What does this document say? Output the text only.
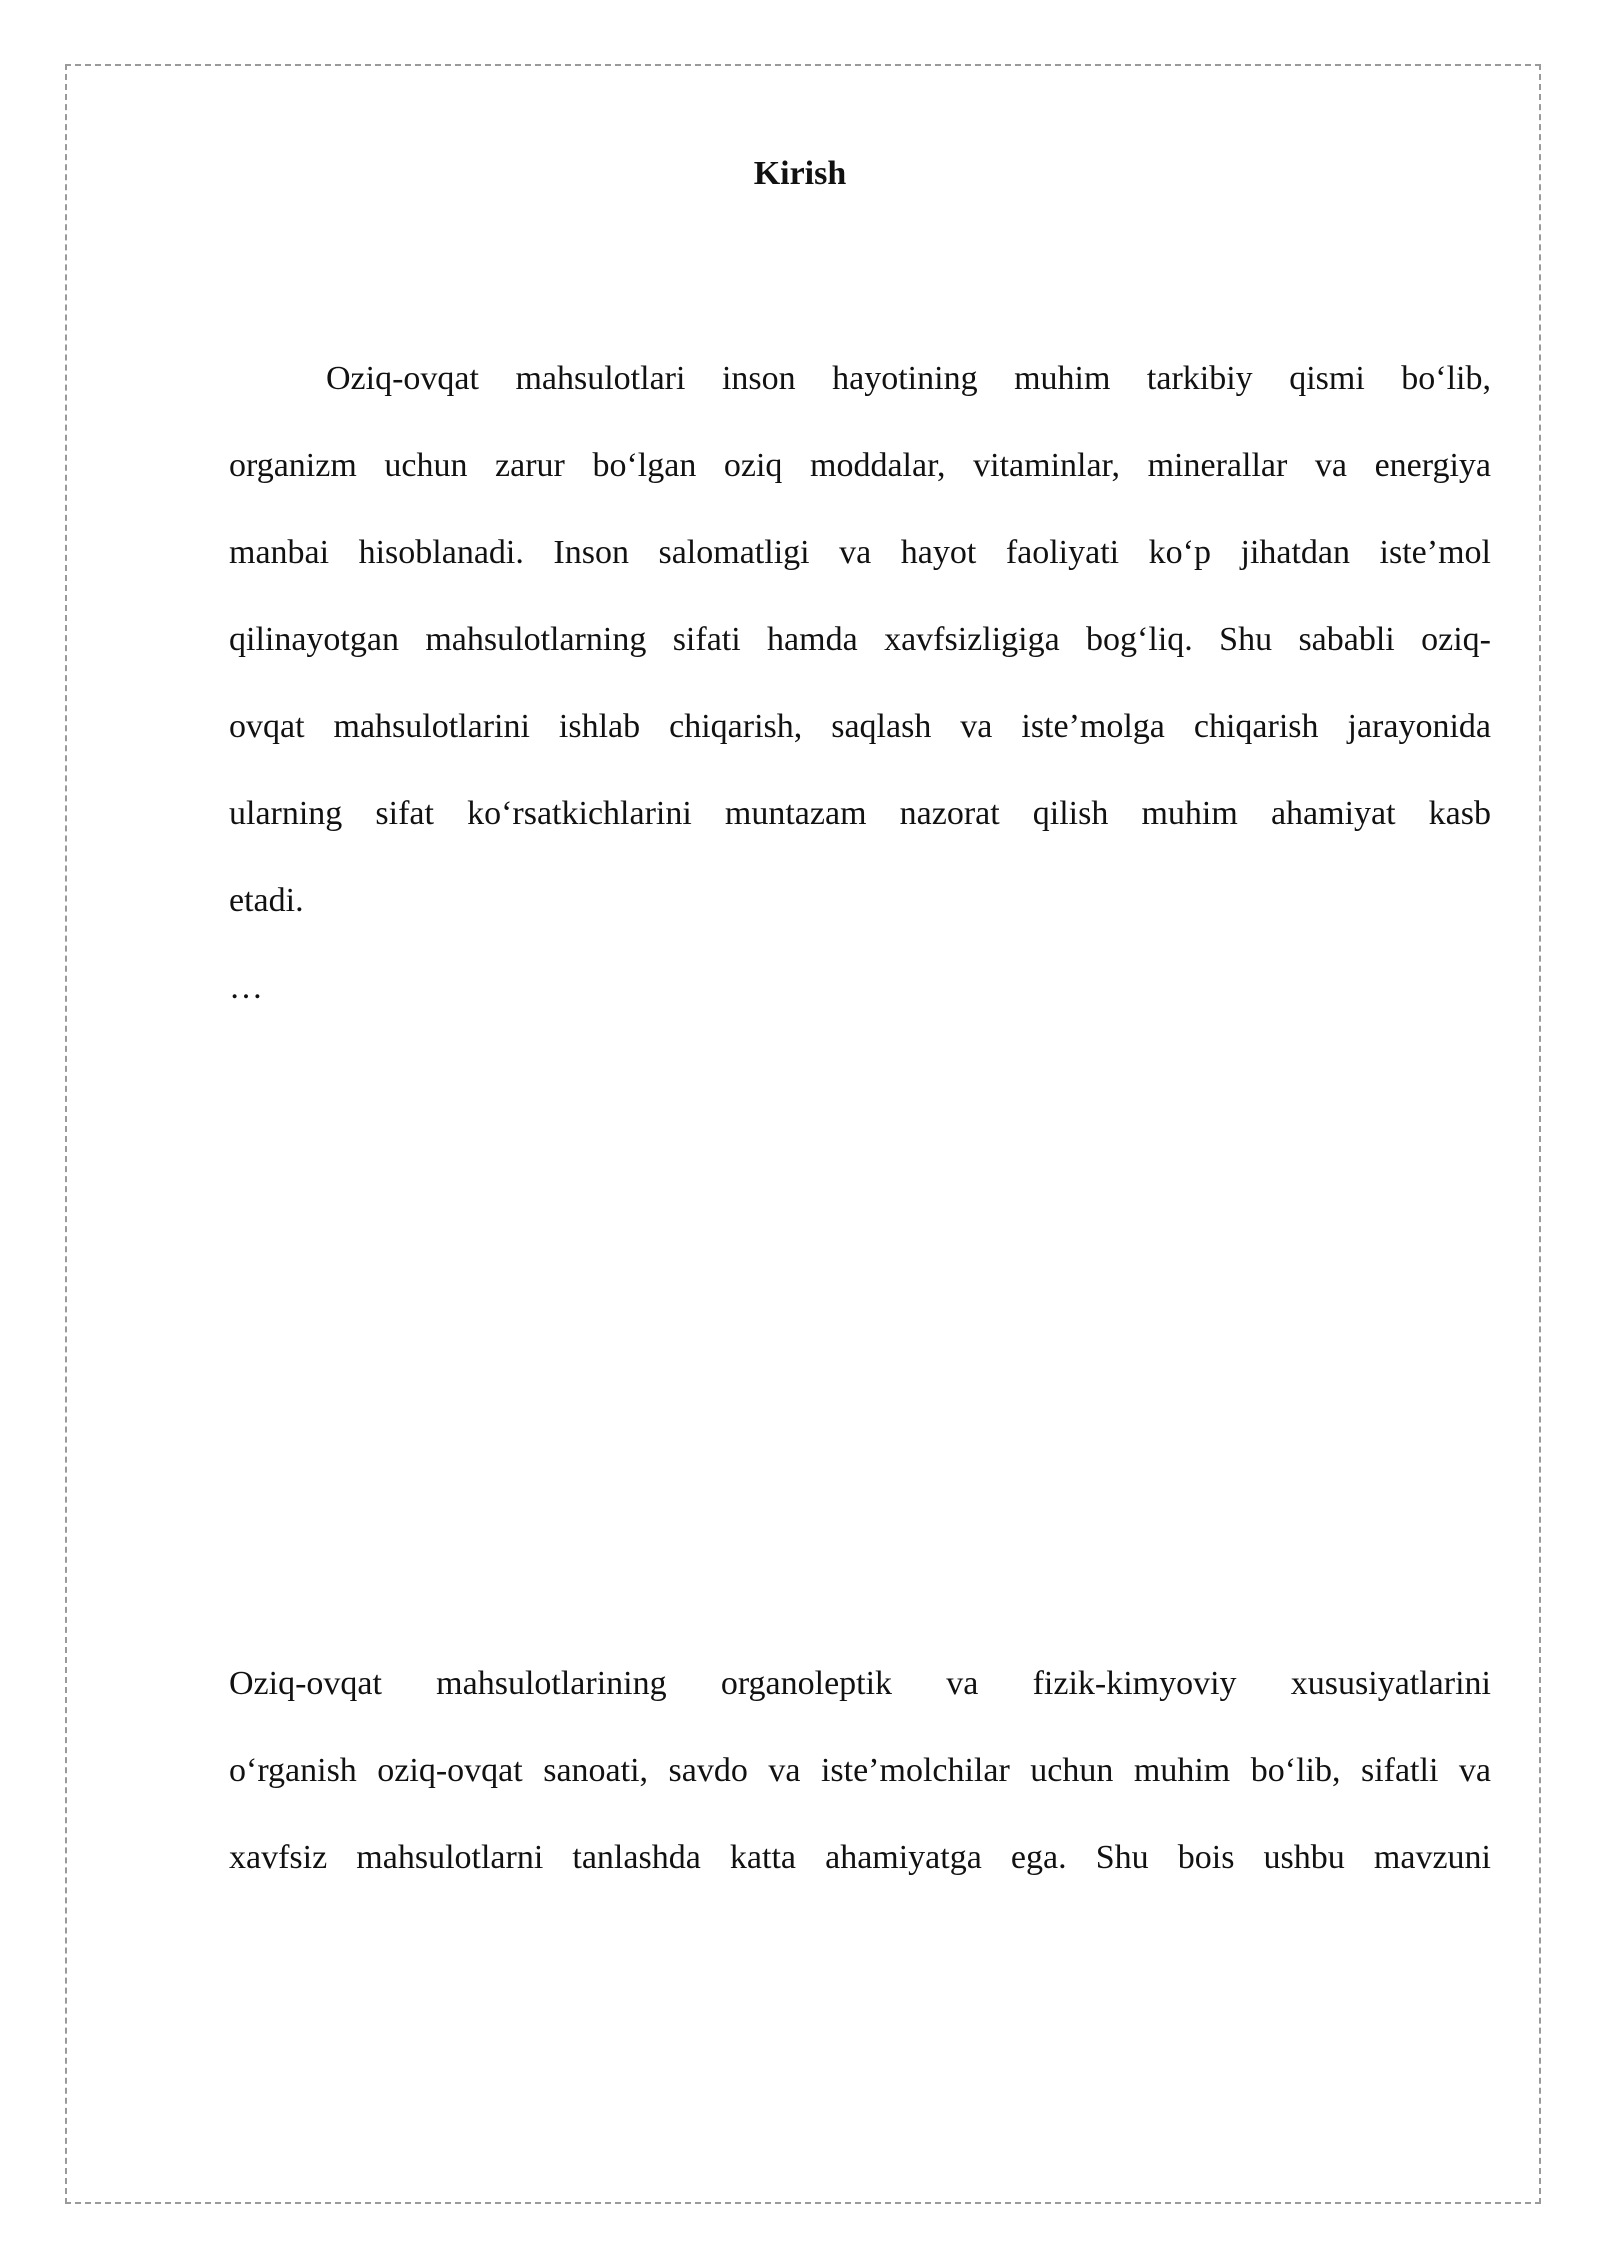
Kirish
Oziq-ovqat mahsulotlari inson hayotining muhim tarkibiy qismi bo‘lib,
organizm uchun zarur bo‘lgan oziq moddalar, vitaminlar, minerallar va energiya
manbai hisoblanadi. Inson salomatligi va hayot faoliyati ko‘p jihatdan iste’mol
qilinayotgan mahsulotlarning sifati hamda xavfsizligiga bog‘liq. Shu sababli oziq-
ovqat mahsulotlarini ishlab chiqarish, saqlash va iste’molga chiqarish jarayonida
ularning sifat ko‘rsatkichlarini muntazam nazorat qilish muhim ahamiyat kasb
etadi.
…
Oziq-ovqat mahsulotlarining organoleptik va fizik-kimyoviy xususiyatlarini
o‘rganish oziq-ovqat sanoati, savdo va iste’molchilar uchun muhim bo‘lib, sifatli va
xavfsiz mahsulotlarni tanlashda katta ahamiyatga ega. Shu bois ushbu mavzuni
